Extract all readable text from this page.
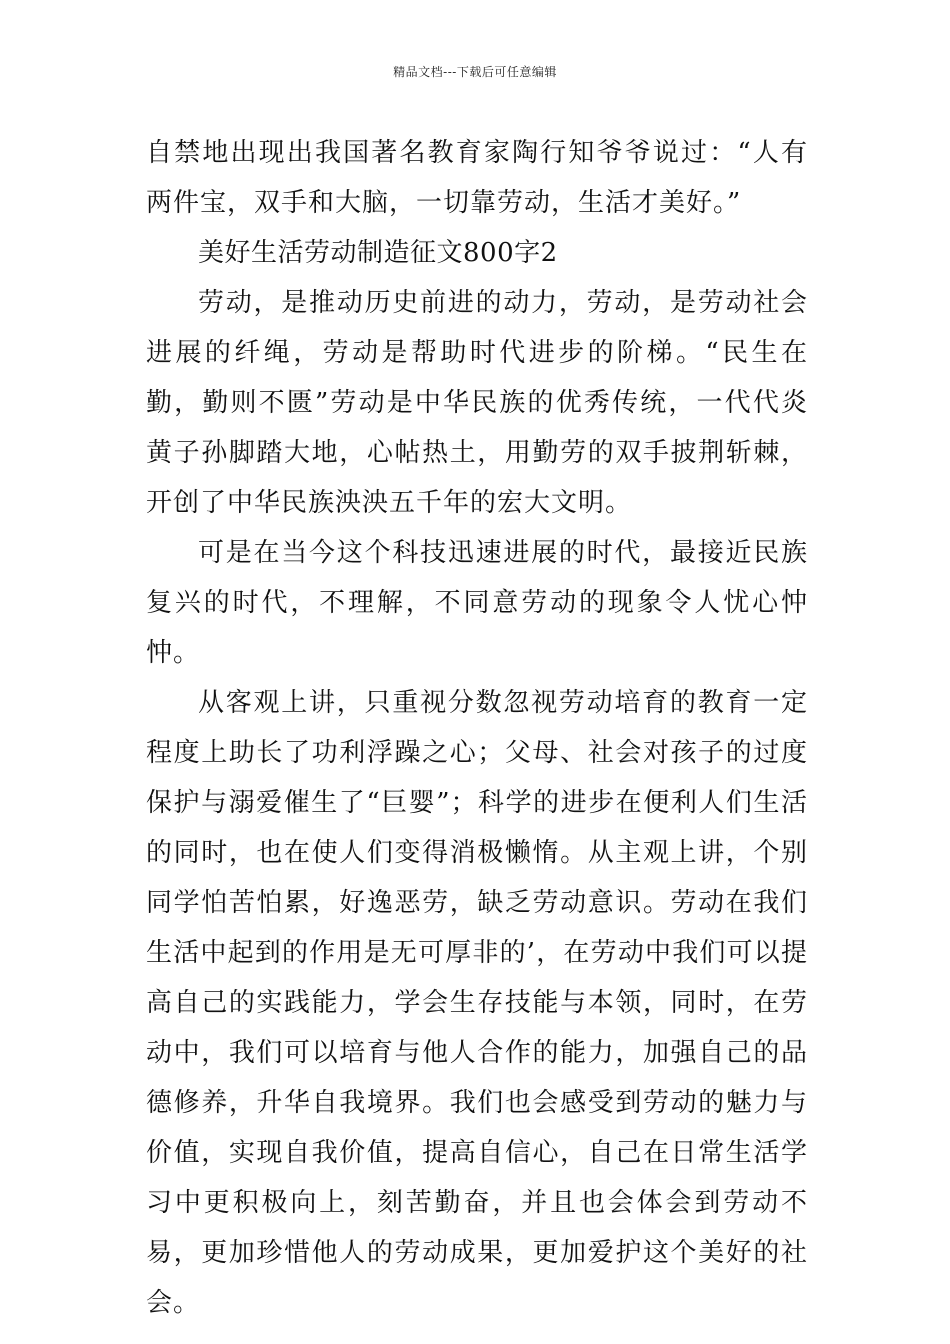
精品文档---下载后可任意编辑

自禁地出现出我国著名教育家陶行知爷爷说过：“人有两件宝，双手和大脑，一切靠劳动，生活才美好。”

美好生活劳动制造征文800字2

劳动，是推动历史前进的动力，劳动，是劳动社会进展的纤绳，劳动是帮助时代进步的阶梯。“民生在勤，勤则不匮”劳动是中华民族的优秀传统，一代代炎黄子孙脚踏大地，心帖热土，用勤劳的双手披荆斩棘，开创了中华民族泱泱五千年的宏大文明。

可是在当今这个科技迅速进展的时代，最接近民族复兴的时代，不理解，不同意劳动的现象令人忧心忡忡。

从客观上讲，只重视分数忽视劳动培育的教育一定程度上助长了功利浮躁之心；父母、社会对孩子的过度保护与溺爱催生了“巨婴”；科学的进步在便利人们生活的同时，也在使人们变得消极懒惰。从主观上讲，个别同学怕苦怕累，好逸恶劳，缺乏劳动意识。劳动在我们生活中起到的作用是无可厚非的’，在劳动中我们可以提高自己的实践能力，学会生存技能与本领，同时，在劳动中，我们可以培育与他人合作的能力，加强自己的品德修养，升华自我境界。我们也会感受到劳动的魅力与价值，实现自我价值，提高自信心，自己在日常生活学习中更积极向上，刻苦勤奋，并且也会体会到劳动不易，更加珍惜他人的劳动成果，更加爱护这个美好的社会。
